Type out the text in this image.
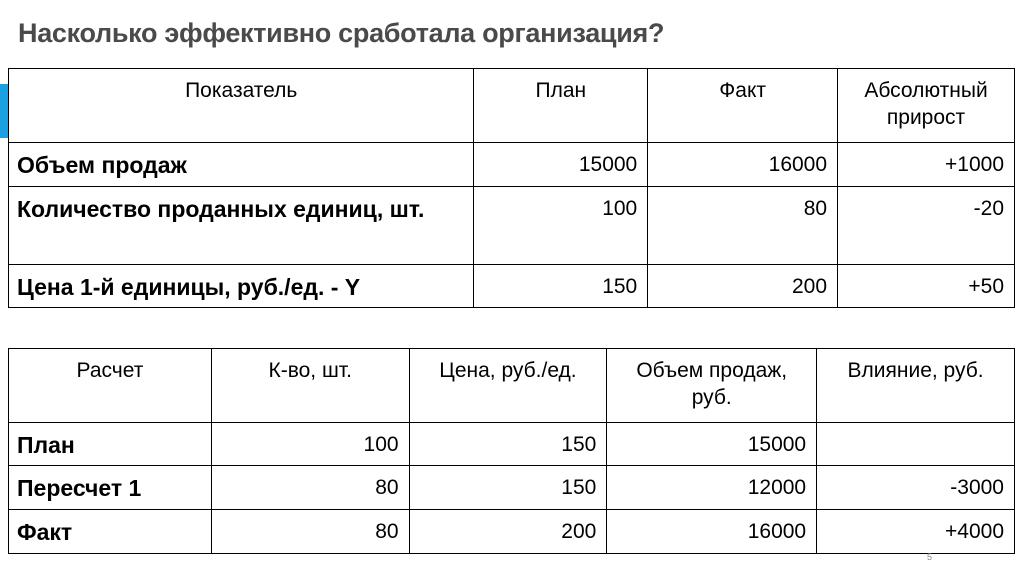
Насколько эффективно сработала организация?
Показатель	План	Факт	Абсолютный прирост
Объем продаж	15000	16000	+1000
Количество проданных единиц, шт.	100	80	-20
Цена 1-й единицы, руб./ед. - Y	150	200	+50
Расчет	К-во, шт.	Цена, руб./ед.	Объем продаж, руб.	Влияние, руб.
План	100	150	15000	
Пересчет 1	80	150	12000	-3000
Факт	80	200	16000	+4000
5
